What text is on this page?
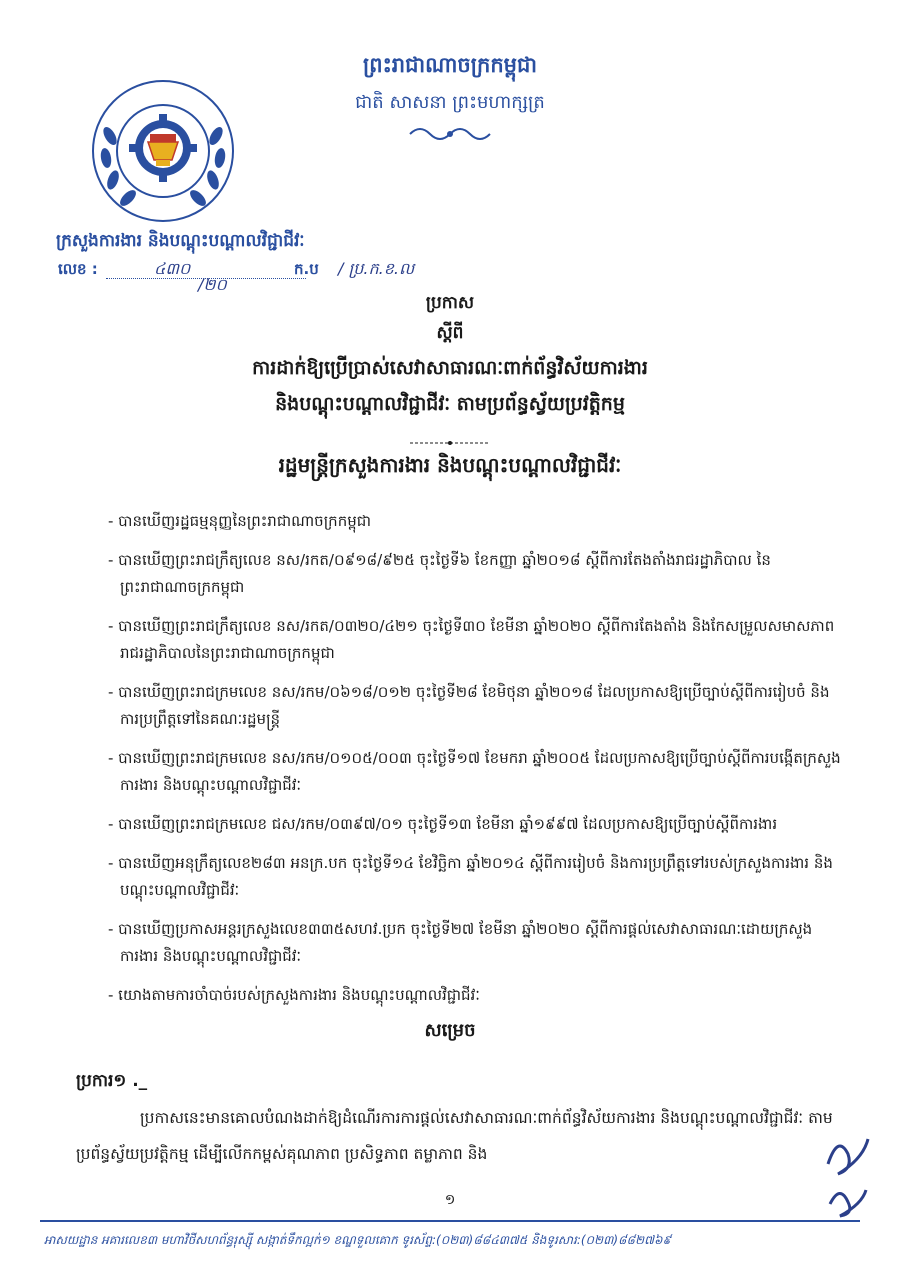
ព្រះរាជាណាចក្រកម្ពុជា
ជាតិ សាសនា ព្រះមហាក្សត្រ
ក្រសួងការងារ និងបណ្តុះបណ្តាលវិជ្ជាជីវៈ
លេខ :	៤៣០
/២០
ក.ប / ប្រ.ក.ខ.ល
ប្រកាស
ស្តីពី
ការដាក់ឱ្យប្រើប្រាស់សេវាសាធារណៈពាក់ព័ន្ធវិស័យការងារ
និងបណ្តុះបណ្តាលវិជ្ជាជីវៈ តាមប្រព័ន្ធស្វ័យប្រវត្តិកម្ម
រដ្ឋមន្ត្រីក្រសួងការងារ និងបណ្តុះបណ្តាលវិជ្ជាជីវៈ
- បានឃើញរដ្ឋធម្មនុញ្ញនៃព្រះរាជាណាចក្រកម្ពុជា
- បានឃើញព្រះរាជក្រឹត្យលេខ នស/រកត/០៩១៨/៩២៥ ចុះថ្ងៃទី៦ ខែកញ្ញា ឆ្នាំ២០១៨ ស្តីពីការតែងតាំងរាជរដ្ឋាភិបាល នៃព្រះរាជាណាចក្រកម្ពុជា
- បានឃើញព្រះរាជក្រឹត្យលេខ នស/រកត/០៣២០/៤២១ ចុះថ្ងៃទី៣០ ខែមីនា ឆ្នាំ២០២០ ស្តីពីការតែងតាំង និងកែសម្រួលសមាសភាពរាជរដ្ឋាភិបាលនៃព្រះរាជាណាចក្រកម្ពុជា
- បានឃើញព្រះរាជក្រមលេខ នស/រកម/០៦១៨/០១២ ចុះថ្ងៃទី២៨ ខែមិថុនា ឆ្នាំ២០១៨ ដែលប្រកាសឱ្យប្រើច្បាប់ស្តីពីការរៀបចំ និងការប្រព្រឹត្តទៅនៃគណៈរដ្ឋមន្ត្រី
- បានឃើញព្រះរាជក្រមលេខ នស/រកម/០១០៥/០០៣ ចុះថ្ងៃទី១៧ ខែមករា ឆ្នាំ២០០៥ ដែលប្រកាសឱ្យប្រើច្បាប់ស្តីពីការបង្កើតក្រសួងការងារ និងបណ្តុះបណ្តាលវិជ្ជាជីវៈ
- បានឃើញព្រះរាជក្រមលេខ ជស/រកម/០៣៩៧/០១ ចុះថ្ងៃទី១៣ ខែមីនា ឆ្នាំ១៩៩៧ ដែលប្រកាសឱ្យប្រើច្បាប់ស្តីពីការងារ
- បានឃើញអនុក្រឹត្យលេខ២៨៣ អនក្រ.បក ចុះថ្ងៃទី១៤ ខែវិច្ឆិកា ឆ្នាំ២០១៤ ស្តីពីការរៀបចំ និងការប្រព្រឹត្តទៅរបស់ក្រសួងការងារ និងបណ្តុះបណ្តាលវិជ្ជាជីវៈ
- បានឃើញប្រកាសអន្តរក្រសួងលេខ៣៣៥សហវ.ប្រក ចុះថ្ងៃទី២៧ ខែមីនា ឆ្នាំ២០២០ ស្តីពីការផ្តល់សេវាសាធារណៈដោយក្រសួងការងារ និងបណ្តុះបណ្តាលវិជ្ជាជីវៈ
- យោងតាមការចាំបាច់របស់ក្រសួងការងារ និងបណ្តុះបណ្តាលវិជ្ជាជីវៈ
សម្រេច
ប្រការ១ ._
ប្រកាសនេះមានគោលបំណងដាក់ឱ្យដំណើរការការផ្តល់សេវាសាធារណៈពាក់ព័ន្ធវិស័យការងារ និងបណ្តុះបណ្តាលវិជ្ជាជីវៈ តាមប្រព័ន្ធស្វ័យប្រវត្តិកម្ម ដើម្បីលើកកម្ពស់គុណភាព ប្រសិទ្ធភាព តម្លាភាព និង
១
អាសយដ្ឋាន អគារលេខ៣ មហាវិថីសហព័ន្ធរុស្ស៊ី សង្កាត់ទឹកល្អក់១ ខណ្ឌទួលគោក ទូរស័ព្ទ:(០២៣)៨៨៤៣៧៥ និងទូរសារ:(០២៣)៨៨២៧៦៩
